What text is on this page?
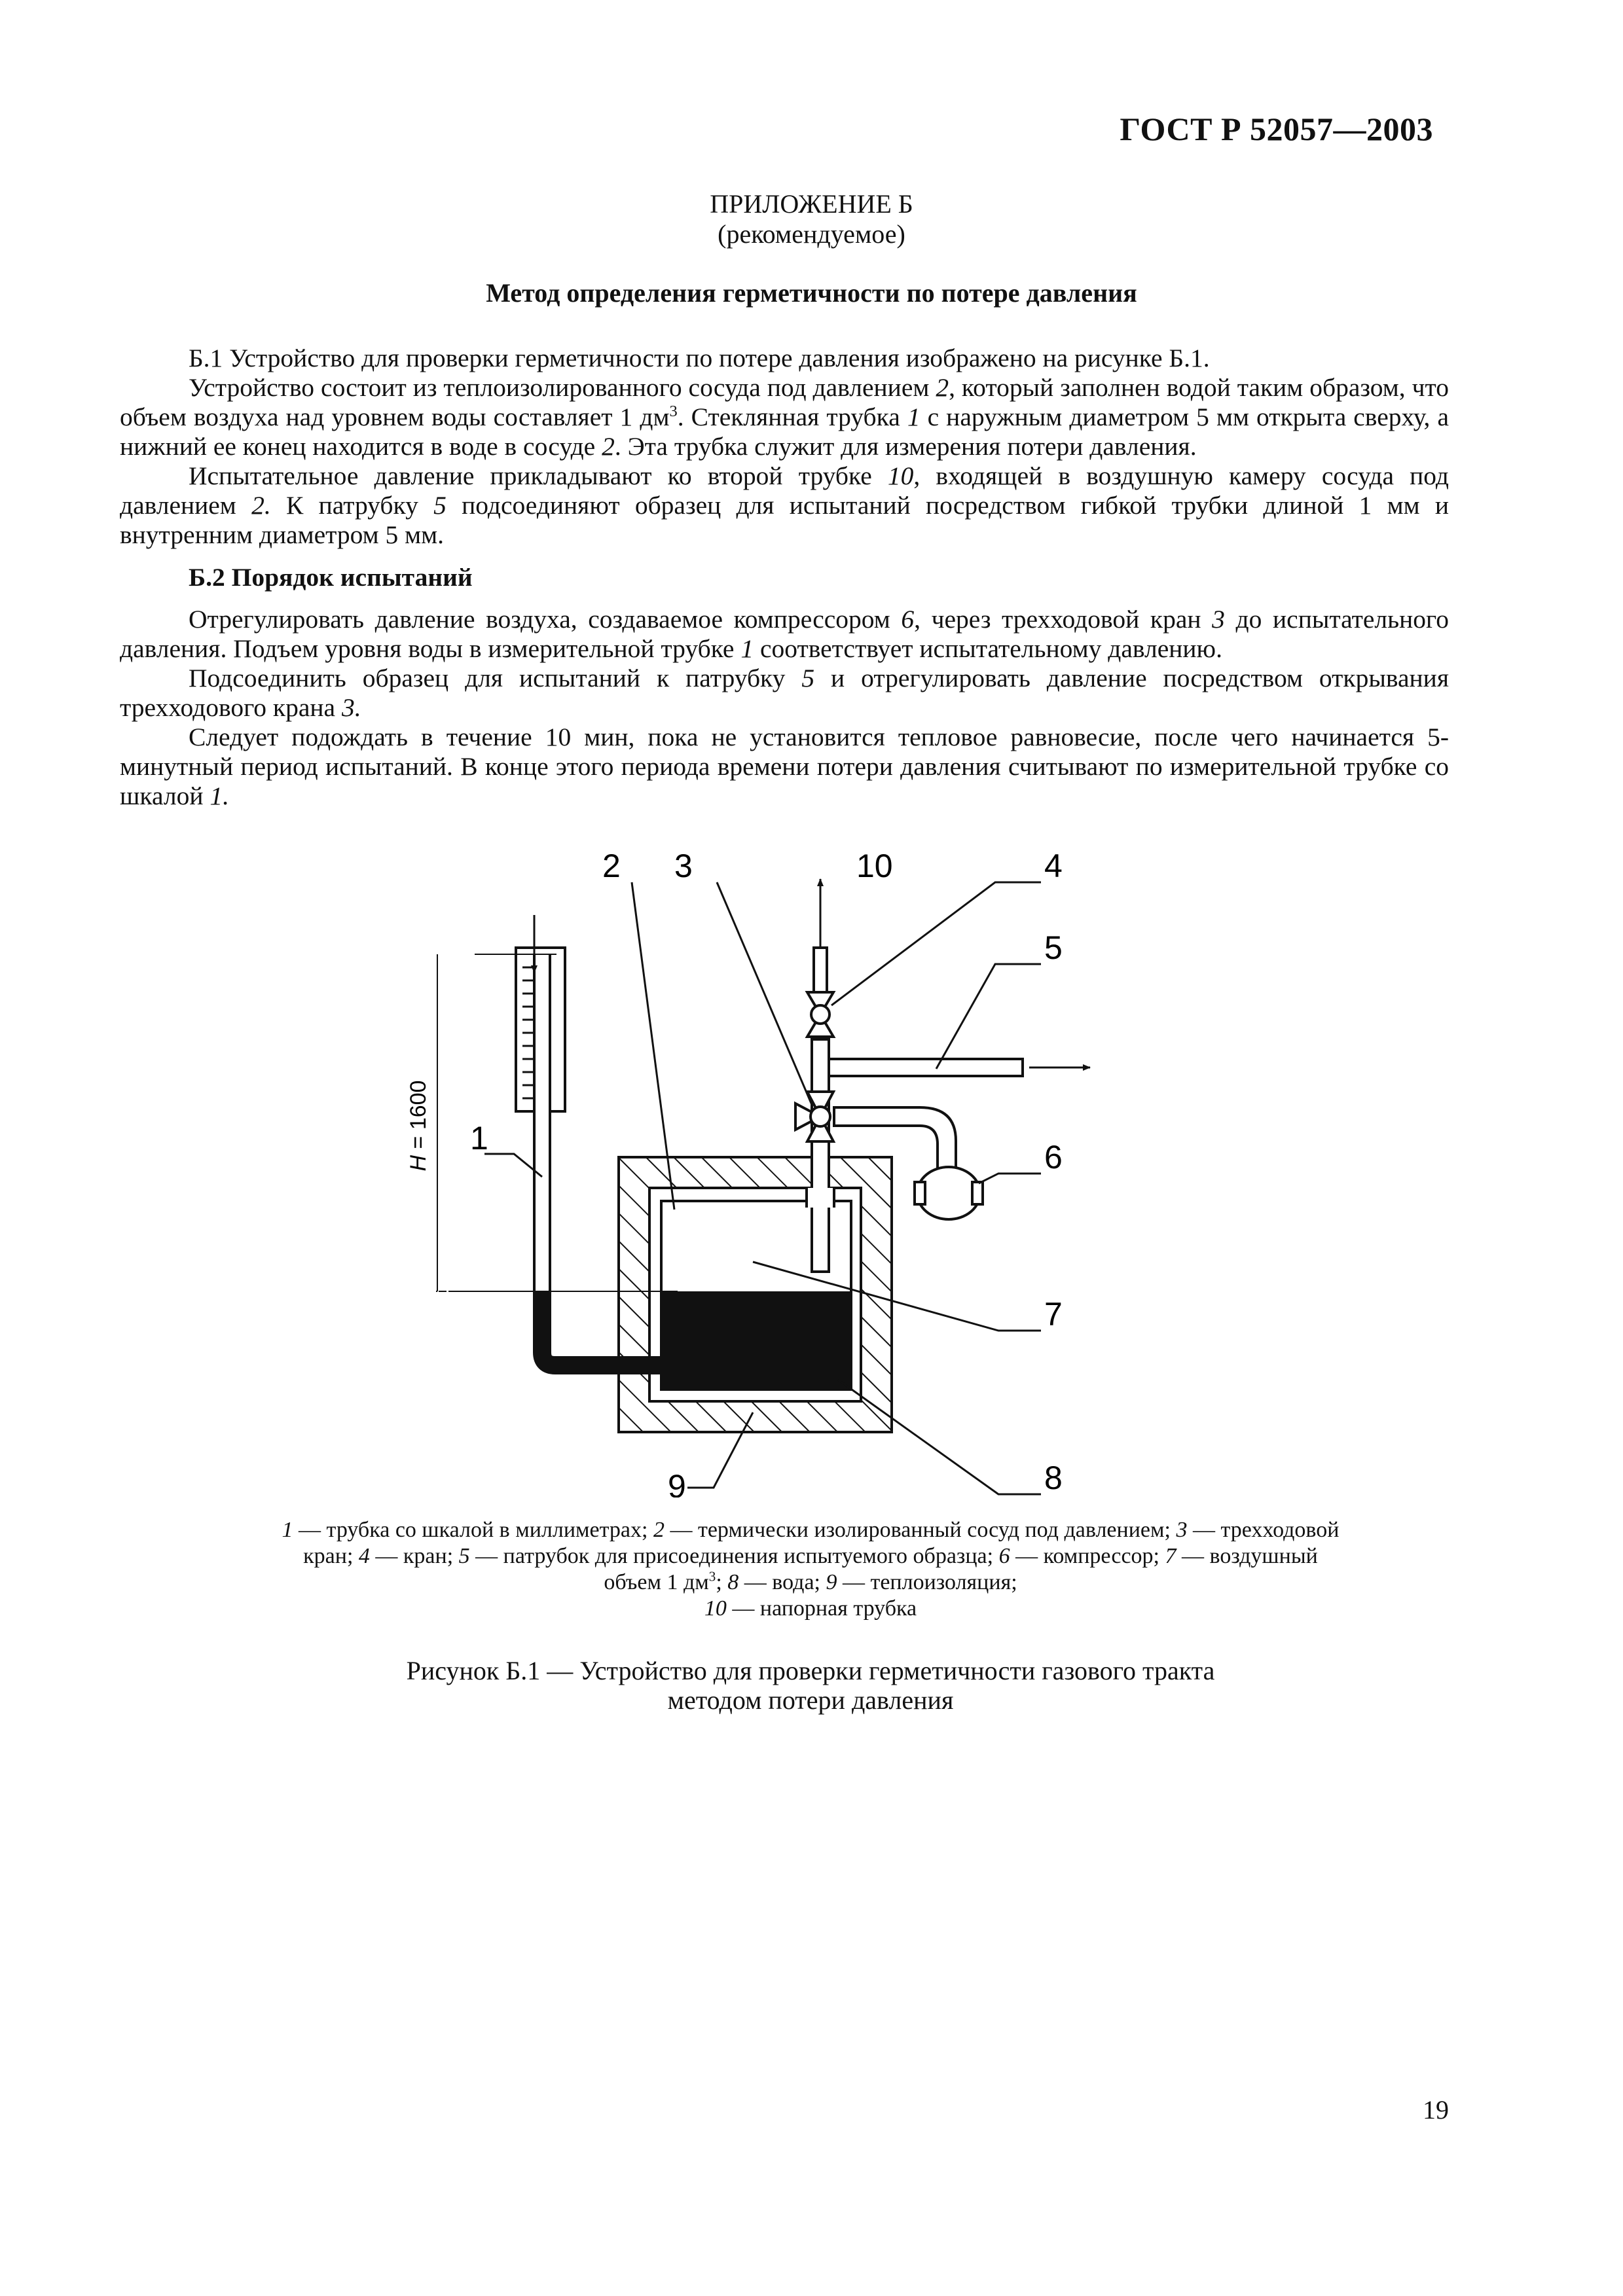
ГОСТ Р 52057—2003
ПРИЛОЖЕНИЕ Б
(рекомендуемое)
Метод определения герметичности по потере давления

Б.1 Устройство для проверки герметичности по потере давления изображено на рисунке Б.1.

Устройство состоит из теплоизолированного сосуда под давлением 2, который заполнен водой таким образом, что объем воздуха над уровнем воды составляет 1 $дм^3$. Стеклянная трубка 1 с наружным диаметром 5 мм открыта сверху, а нижний ее конец находится в воде в сосуде 2. Эта трубка служит для измерения потери давления.

Испытательное давление прикладывают ко второй трубке 10, входящей в воздушную камеру сосуда под давлением 2. К патрубку 5 подсоединяют образец для испытаний посредством гибкой трубки длиной 1 мм и внутренним диаметром 5 мм.

Б.2 Порядок испытаний

Отрегулировать давление воздуха, создаваемое компрессором 6, через трехходовой кран 3 до испытательного давления. Подъем уровня воды в измерительной трубке 1 соответствует испытательному давлению.

Подсоединить образец для испытаний к патрубку 5 и отрегулировать давление посредством открывания трехходового крана 3.

Следует подождать в течение 10 мин, пока не установится тепловое равновесие, после чего начинается 5-минутный период испытаний. В конце этого периода времени потери давления считывают по измерительной трубке со шкалой 1.

H = 1600 1
2 3	4
5
6
7
8
9
10
1 — трубка со шкалой в миллиметрах; 2 — термически изолированный сосуд под давлением; 3 — трехходовой кран; 4 — кран; 5 — патрубок для присоединения испытуемого образца; 6 — компрессор; 7 — воздушный объем 1 $дм^3$; 8 — вода; 9 — теплоизоляция;
10 — напорная трубка
Рисунок Б.1 — Устройство для проверки герметичности газового тракта
методом потери давления
19
